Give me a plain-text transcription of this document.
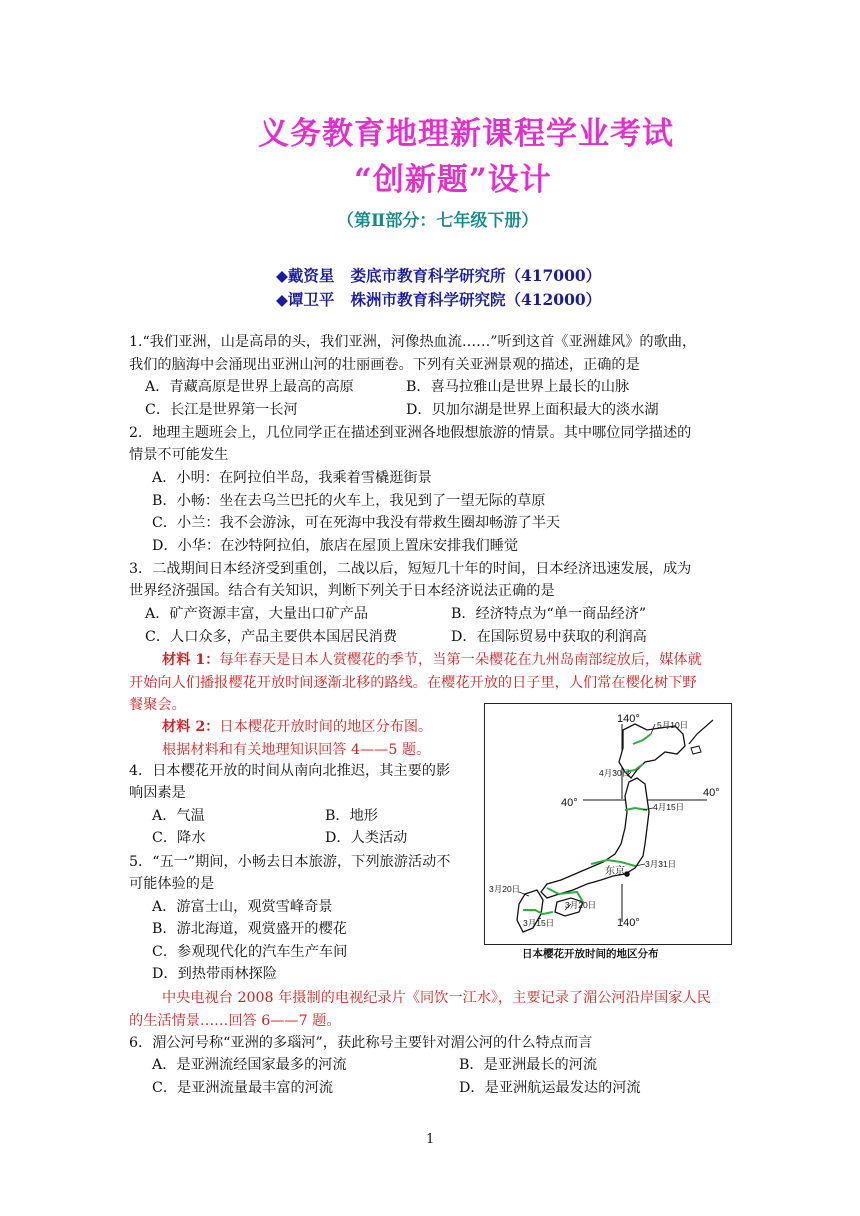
义务教育地理新课程学业考试
“创新题”设计
（第Ⅱ部分：七年级下册）
◆戴资星 娄底市教育科学研究所（417000）
◆谭卫平 株洲市教育科学研究院（412000）
1.“我们亚洲，山是高昂的头，我们亚洲，河像热血流……”听到这首《亚洲雄风》的歌曲，
我们的脑海中会涌现出亚洲山河的壮丽画卷。下列有关亚洲景观的描述，正确的是
A．青藏高原是世界上最高的高原	B．喜马拉雅山是世界上最长的山脉
C．长江是世界第一长河	D．贝加尔湖是世界上面积最大的淡水湖
2．地理主题班会上，几位同学正在描述到亚洲各地假想旅游的情景。其中哪位同学描述的
情景不可能发生
A．小明：在阿拉伯半岛，我乘着雪橇逛街景
B．小畅：坐在去乌兰巴托的火车上，我见到了一望无际的草原
C．小兰：我不会游泳，可在死海中我没有带救生圈却畅游了半天
D．小华：在沙特阿拉伯，旅店在屋顶上置床安排我们睡觉
3．二战期间日本经济受到重创，二战以后，短短几十年的时间，日本经济迅速发展，成为
世界经济强国。结合有关知识，判断下列关于日本经济说法正确的是
A．矿产资源丰富，大量出口矿产品	B．经济特点为“单一商品经济”
C．人口众多，产品主要供本国居民消费	D．在国际贸易中获取的利润高
材料 1：每年春天是日本人赏樱花的季节，当第一朵樱花在九州岛南部绽放后，媒体就
开始向人们播报樱花开放时间逐渐北移的路线。在樱花开放的日子里，人们常在樱化树下野
餐聚会。
材料 2：日本樱花开放时间的地区分布图。
根据材料和有关地理知识回答 4——5 题。
4．日本樱花开放的时间从南向北推迟，其主要的影
响因素是
A．气温	B．地形
C．降水	D．人类活动
5．“五一”期间，小畅去日本旅游，下列旅游活动不
可能体验的是
A．游富士山，观赏雪峰奇景
B．游北海道，观赏盛开的樱花
C．参观现代化的汽车生产车间
D．到热带雨林探险
140° 5月10日
4月30日
40°
40°
4月15日
3月31日
东京
3月20日
3月20日
3月15日	140°
日本樱花开放时间的地区分布
中央电视台 2008 年摄制的电视纪录片《同饮一江水》，主要记录了湄公河沿岸国家人民
的生活情景……回答 6——7 题。
6．湄公河号称“亚洲的多瑙河”，获此称号主要针对湄公河的什么特点而言
A．是亚洲流经国家最多的河流	B．是亚洲最长的河流
C．是亚洲流量最丰富的河流	D．是亚洲航运最发达的河流
1
